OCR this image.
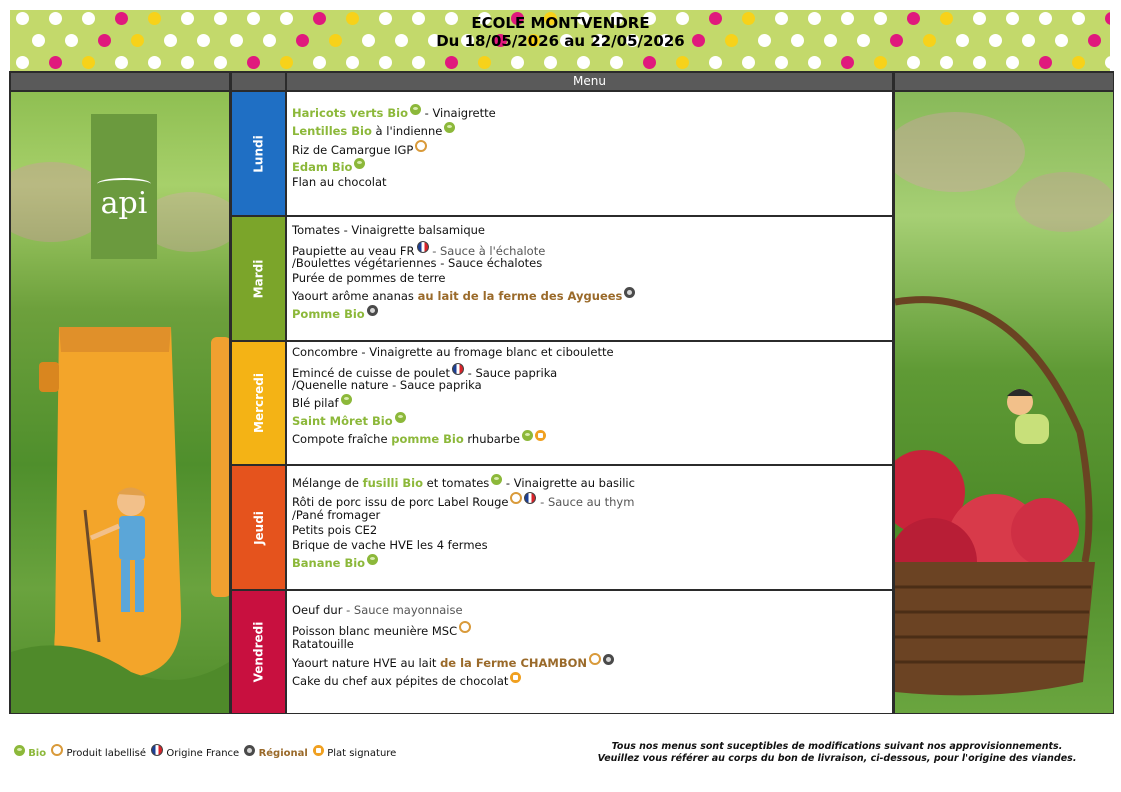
ECOLE MONTVENDRE
Du 18/05/2026 au 22/05/2026
Menu
api
Lundi
Haricots verts Bio - Vinaigrette
Lentilles Bio à l'indienne
Riz de Camargue IGP
Edam Bio
Flan au chocolat
Mardi
Tomates - Vinaigrette balsamique
Paupiette au veau FR - Sauce à l'échalote
/Boulettes végétariennes - Sauce échalotes
Purée de pommes de terre
Yaourt arôme ananas au lait de la ferme des Ayguees
Pomme Bio
Mercredi
Concombre - Vinaigrette au fromage blanc et ciboulette
Emincé de cuisse de poulet - Sauce paprika
/Quenelle nature - Sauce paprika
Blé pilaf
Saint Môret Bio
Compote fraîche pomme Bio rhubarbe
Jeudi
Mélange de fusilli Bio et tomates - Vinaigrette au basilic
Rôti de porc issu de porc Label Rouge - Sauce au thym
/Pané fromager
Petits pois CE2
Brique de vache HVE les 4 fermes
Banane Bio
Vendredi
Oeuf dur - Sauce mayonnaise
Poisson blanc meunière MSC
Ratatouille
Yaourt nature HVE au lait de la Ferme CHAMBON
Cake du chef aux pépites de chocolat
Bio Produit labellisé Origine France Régional Plat signature
Tous nos menus sont suceptibles de modifications suivant nos approvisionnements.
Veuillez vous référer au corps du bon de livraison, ci-dessous, pour l'origine des viandes.
